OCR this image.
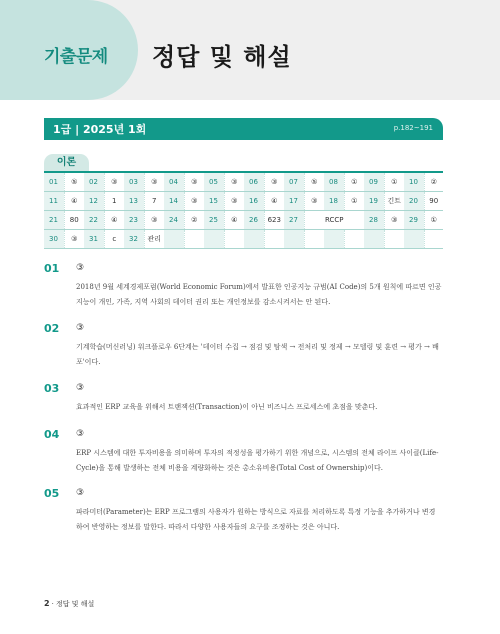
기출문제 정답 및 해설
1급 | 2025년 1회	p.182~191
이론
01	⑤	02	③	03	③	04	③	05	③	06	③	07	⑤	08	①	09	①	10	②
11	④	12	1	13	7	14	③	15	③	16	④	17	③	18	①	19	긴트	20	90
21	80	22	④	23	③	24	②	25	④	26	623	27	RCCP			28	③	29	①
30	③	31	c	32	관리														
01 ③
2018년 9월 세계경제포럼(World Economic Forum)에서 발표한 인공지능 규범(AI Code)의 5개 원칙에 따르면 인공지능이 개인, 가족, 지역 사회의 데이터 권리 또는 개인정보를 감소시켜서는 안 된다.
02 ③
기계학습(머신러닝) 워크플로우 6단계는 '데이터 수집 → 점검 및 탐색 → 전처리 및 정제 → 모델링 및 훈련 → 평가 → 배포'이다.
03 ③
효과적인 ERP 교육을 위해서 트랜잭션(Transaction)이 아닌 비즈니스 프로세스에 초점을 맞춘다.
04 ③
ERP 시스템에 대한 투자비용을 의미하며 투자의 적정성을 평가하기 위한 개념으로, 시스템의 전체 라이프 사이클(Life-Cycle)을 통해 발생하는 전체 비용을 계량화하는 것은 총소유비용(Total Cost of Ownership)이다.
05 ③
파라미터(Parameter)는 ERP 프로그램의 사용자가 원하는 방식으로 자료를 처리하도록 특정 기능을 추가하거나 변경하여 반영하는 정보를 말한다. 따라서 다양한 사용자들의 요구를 조정하는 것은 아니다.
2 · 정답 및 해설
